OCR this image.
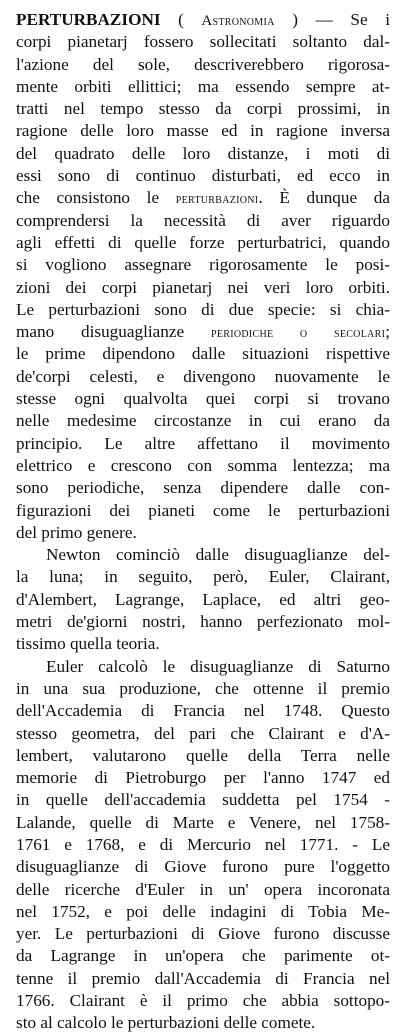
PERTURBAZIONI ( Astronomia ) — Se i
corpi pianetarj fossero sollecitati soltanto dal-
l'azione del sole, descriverebbero rigorosa-
mente orbiti ellittici; ma essendo sempre at-
tratti nel tempo stesso da corpi prossimi, in
ragione delle loro masse ed in ragione inversa
del quadrato delle loro distanze, i moti di
essi sono di continuo disturbati, ed ecco in
che consistono le perturbazioni. È dunque da
comprendersi la necessità di aver riguardo
agli effetti di quelle forze perturbatrici, quando
si vogliono assegnare rigorosamente le posi-
zioni dei corpi pianetarj nei veri loro orbiti.
Le perturbazioni sono di due specie: si chia-
mano disuguaglianze periodiche o secolari;
le prime dipendono dalle situazioni rispettive
de'corpi celesti, e divengono nuovamente le
stesse ogni qualvolta quei corpi si trovano
nelle medesime circostanze in cui erano da
principio. Le altre affettano il movimento
elettrico e crescono con somma lentezza; ma
sono periodiche, senza dipendere dalle con-
figurazioni dei pianeti come le perturbazioni
del primo genere.
Newton cominciò dalle disuguaglianze del-
la luna; in seguito, però, Euler, Clairant,
d'Alembert, Lagrange, Laplace, ed altri geo-
metri de'giorni nostri, hanno perfezionato mol-
tissimo quella teoria.
Euler calcolò le disuguaglianze di Saturno
in una sua produzione, che ottenne il premio
dell'Accademia di Francia nel 1748. Questo
stesso geometra, del pari che Clairant e d'A-
lembert, valutarono quelle della Terra nelle
memorie di Pietroburgo per l'anno 1747 ed
in quelle dell'accademia suddetta pel 1754 -
Lalande, quelle di Marte e Venere, nel 1758-
1761 e 1768, e di Mercurio nel 1771. - Le
disuguaglianze di Giove furono pure l'oggetto
delle ricerche d'Euler in un' opera incoronata
nel 1752, e poi delle indagini di Tobia Me-
yer. Le perturbazioni di Giove furono discusse
da Lagrange in un'opera che parimente ot-
tenne il premio dall'Accademia di Francia nel
1766. Clairant è il primo che abbia sottopo-
sto al calcolo le perturbazioni delle comete.
